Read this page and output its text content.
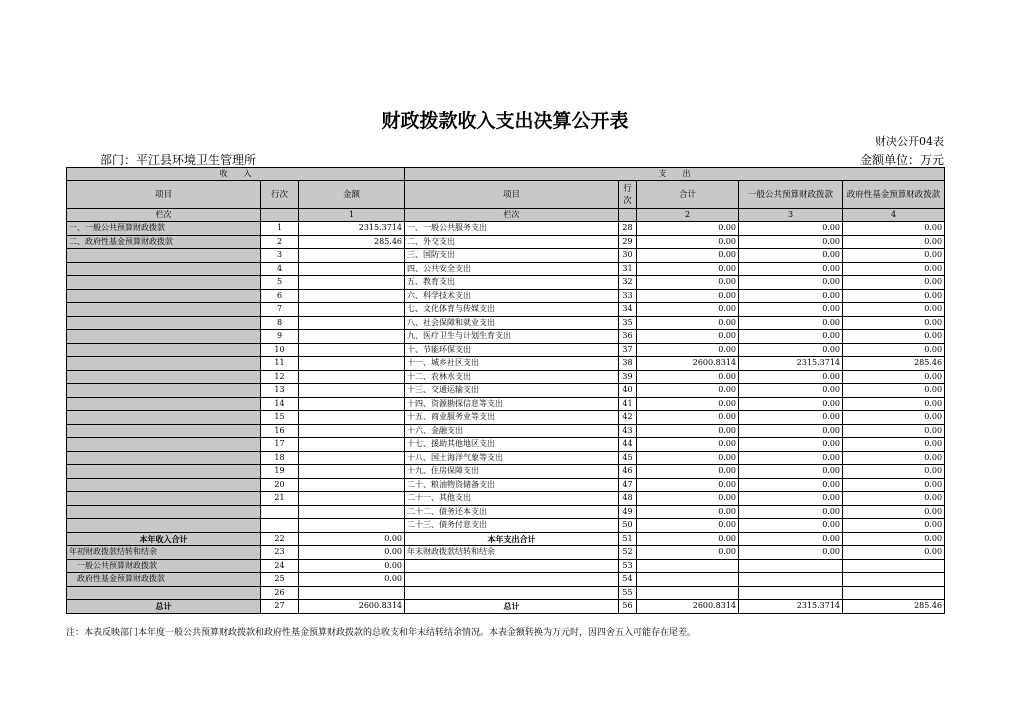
财政拨款收入支出决算公开表
财决公开04表
部门：平江县环境卫生管理所	金额单位：万元
收　　入			支　　出				
项目	行次	金额	项目	行次	合计	一般公共预算财政拨款	政府性基金预算财政拨款
栏次		1	栏次		2	3	4
一、一般公共预算财政拨款	1	2315.3714	一、一般公共服务支出	28	0.00	0.00	0.00
二、政府性基金预算财政拨款	2	285.46	二、外交支出	29	0.00	0.00	0.00
	3		三、国防支出	30	0.00	0.00	0.00
	4		四、公共安全支出	31	0.00	0.00	0.00
	5		五、教育支出	32	0.00	0.00	0.00
	6		六、科学技术支出	33	0.00	0.00	0.00
	7		七、文化体育与传媒支出	34	0.00	0.00	0.00
	8		八、社会保障和就业支出	35	0.00	0.00	0.00
	9		九、医疗卫生与计划生育支出	36	0.00	0.00	0.00
	10		十、节能环保支出	37	0.00	0.00	0.00
	11		十一、城乡社区支出	38	2600.8314	2315.3714	285.46
	12		十二、农林水支出	39	0.00	0.00	0.00
	13		十三、交通运输支出	40	0.00	0.00	0.00
	14		十四、资源勘探信息等支出	41	0.00	0.00	0.00
	15		十五、商业服务业等支出	42	0.00	0.00	0.00
	16		十六、金融支出	43	0.00	0.00	0.00
	17		十七、援助其他地区支出	44	0.00	0.00	0.00
	18		十八、国土海洋气象等支出	45	0.00	0.00	0.00
	19		十九、住房保障支出	46	0.00	0.00	0.00
	20		二十、粮油物资储备支出	47	0.00	0.00	0.00
	21		二十一、其他支出	48	0.00	0.00	0.00
			二十二、债务还本支出	49	0.00	0.00	0.00
			二十三、债务付息支出	50	0.00	0.00	0.00
本年收入合计	22	0.00	本年支出合计	51	0.00	0.00	0.00
年初财政拨款结转和结余	23	0.00	年末财政拨款结转和结余	52	0.00	0.00	0.00
　一般公共预算财政拨款	24	0.00		53			
　政府性基金预算财政拨款	25	0.00		54			
	26			55			
总计	27	2600.8314	总计	56	2600.8314	2315.3714	285.46
注：本表反映部门本年度一般公共预算财政拨款和政府性基金预算财政拨款的总收支和年末结转结余情况。本表金额转换为万元时，因四舍五入可能存在尾差。
